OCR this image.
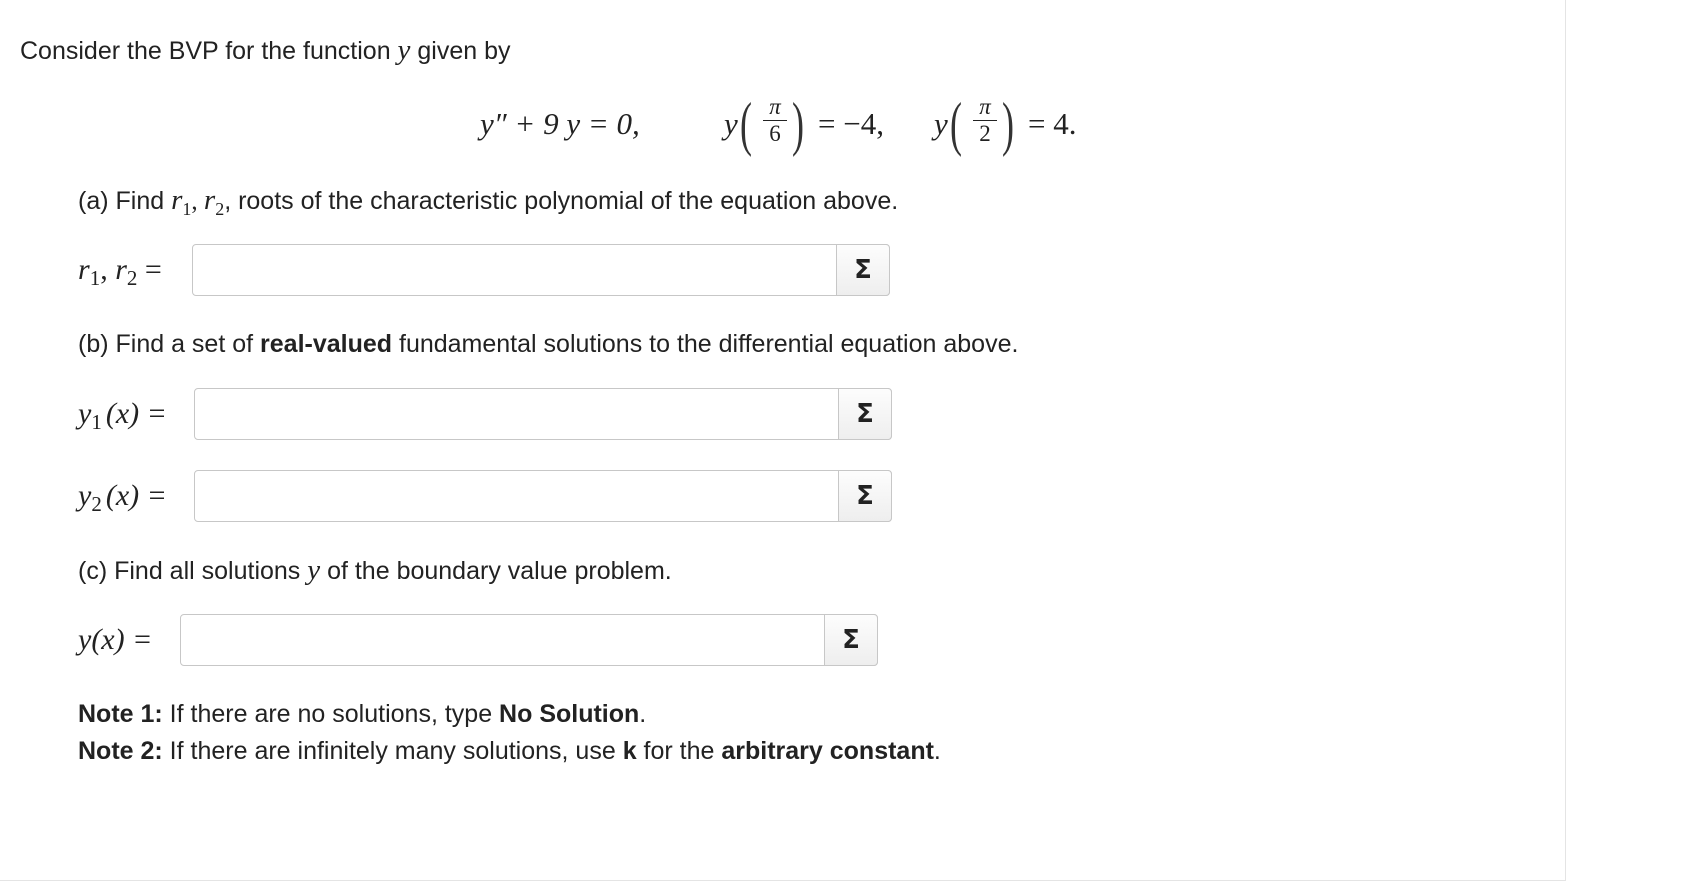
Consider the BVP for the function y given by
y″ + 9 y = 0,	y ( π
6 ) = −4, y ( π
2 ) = 4.
(a) Find $r_1$, $r_2$, roots of the characteristic polynomial of the equation above.
$r_1$, $r_2$ =	Σ
(b) Find a set of real-valued fundamental solutions to the differential equation above.
$y_1$ (x) =	Σ
$y_2$ (x) =	Σ
(c) Find all solutions y of the boundary value problem.
y(x) =	Σ
Note 1: If there are no solutions, type No Solution.
Note 2: If there are infinitely many solutions, use k for the arbitrary constant.
